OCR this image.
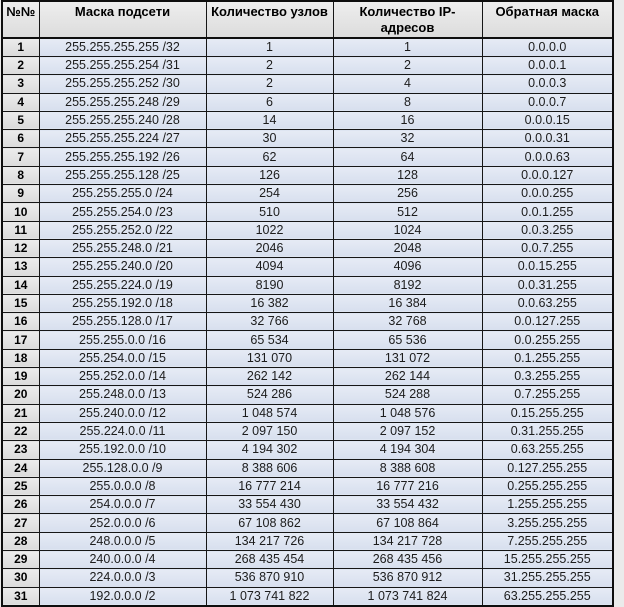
№№	Маска подсети	Количество узлов	Количество IP-адресов	Обратная маска
1	255.255.255.255 /32	1	1	0.0.0.0
2	255.255.255.254 /31	2	2	0.0.0.1
3	255.255.255.252 /30	2	4	0.0.0.3
4	255.255.255.248 /29	6	8	0.0.0.7
5	255.255.255.240 /28	14	16	0.0.0.15
6	255.255.255.224 /27	30	32	0.0.0.31
7	255.255.255.192 /26	62	64	0.0.0.63
8	255.255.255.128 /25	126	128	0.0.0.127
9	255.255.255.0 /24	254	256	0.0.0.255
10	255.255.254.0 /23	510	512	0.0.1.255
11	255.255.252.0 /22	1022	1024	0.0.3.255
12	255.255.248.0 /21	2046	2048	0.0.7.255
13	255.255.240.0 /20	4094	4096	0.0.15.255
14	255.255.224.0 /19	8190	8192	0.0.31.255
15	255.255.192.0 /18	16 382	16 384	0.0.63.255
16	255.255.128.0 /17	32 766	32 768	0.0.127.255
17	255.255.0.0 /16	65 534	65 536	0.0.255.255
18	255.254.0.0 /15	131 070	131 072	0.1.255.255
19	255.252.0.0 /14	262 142	262 144	0.3.255.255
20	255.248.0.0 /13	524 286	524 288	0.7.255.255
21	255.240.0.0 /12	1 048 574	1 048 576	0.15.255.255
22	255.224.0.0 /11	2 097 150	2 097 152	0.31.255.255
23	255.192.0.0 /10	4 194 302	4 194 304	0.63.255.255
24	255.128.0.0 /9	8 388 606	8 388 608	0.127.255.255
25	255.0.0.0 /8	16 777 214	16 777 216	0.255.255.255
26	254.0.0.0 /7	33 554 430	33 554 432	1.255.255.255
27	252.0.0.0 /6	67 108 862	67 108 864	3.255.255.255
28	248.0.0.0 /5	134 217 726	134 217 728	7.255.255.255
29	240.0.0.0 /4	268 435 454	268 435 456	15.255.255.255
30	224.0.0.0 /3	536 870 910	536 870 912	31.255.255.255
31	192.0.0.0 /2	1 073 741 822	1 073 741 824	63.255.255.255
